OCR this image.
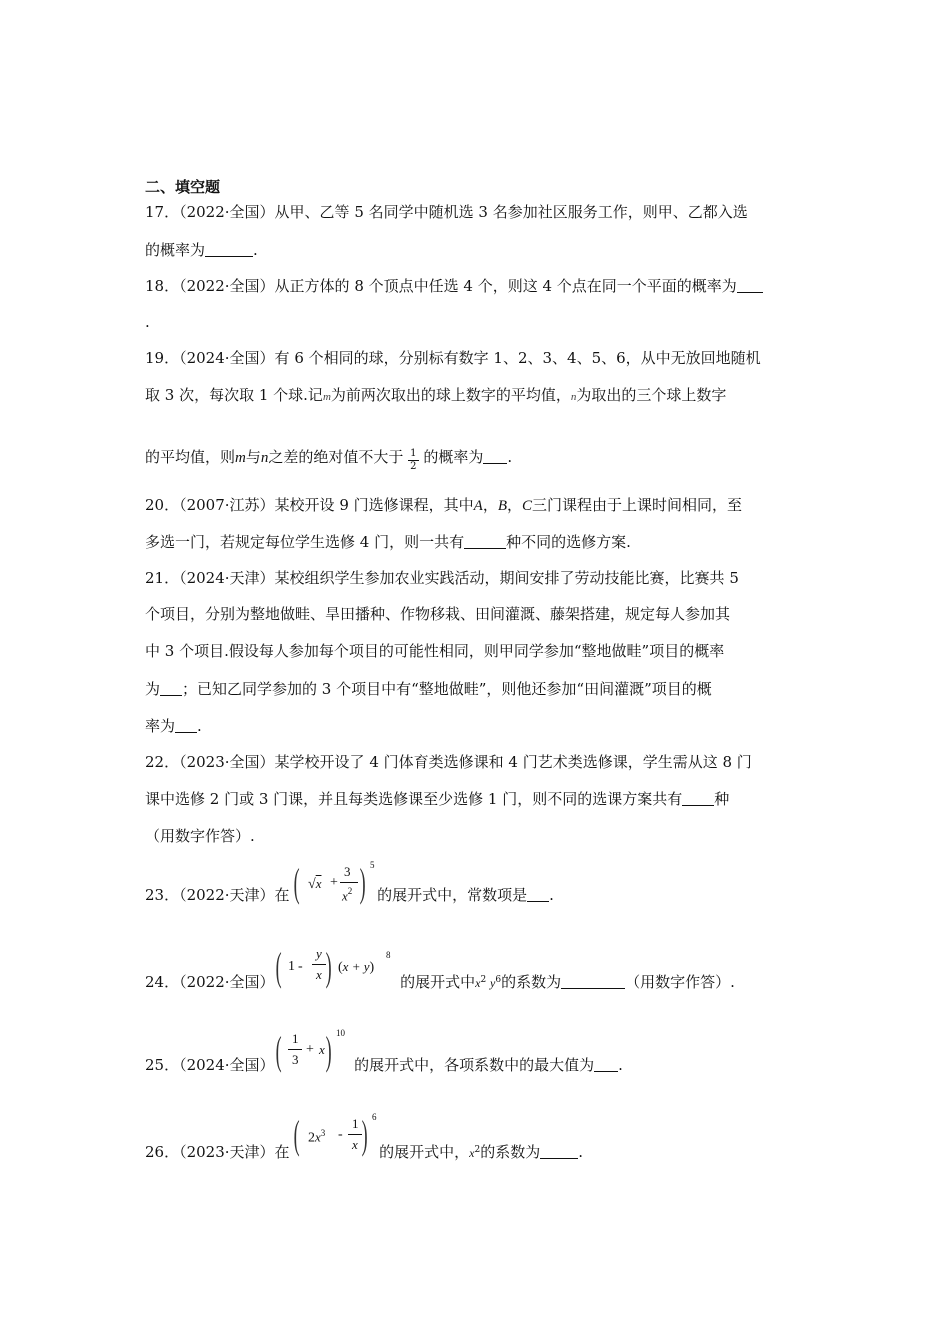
二、填空题
17．（2022·全国）从甲、乙等 5 名同学中随机选 3 名参加社区服务工作，则甲、乙都入选
的概率为	.
18．（2022·全国）从正方体的 8 个顶点中任选 4 个，则这 4 个点在同一个平面的概率为
.
19．（2024·全国）有 6 个相同的球，分别标有数字 1、2、3、4、5、6，从中无放回地随机
取 3 次，每次取 1 个球.记m为前两次取出的球上数字的平均值，n为取出的三个球上数字
的平均值，则m与n之差的绝对值不大于 $\frac{1}{2}$ 的概率为 .
20．（2007·江苏）某校开设 9 门选修课程，其中A，B，C三门课程由于上课时间相同，至
多选一门，若规定每位学生选修 4 门，则一共有	种不同的选修方案.
21．（2024·天津）某校组织学生参加农业实践活动，期间安排了劳动技能比赛，比赛共 5
个项目，分别为整地做畦、旱田播种、作物移栽、田间灌溉、藤架搭建，规定每人参加其
中 3 个项目.假设每人参加每个项目的可能性相同，则甲同学参加“整地做畦”项目的概率
为 ；已知乙同学参加的 3 个项目中有“整地做畦”，则他还参加“田间灌溉”项目的概
率为 .
22．（2023·全国）某学校开设了 4 门体育类选修课和 4 门艺术类选修课，学生需从这 8 门
课中选修 2 门或 3 门课，并且每类选修课至少选修 1 门，则不同的选课方案共有 种
（用数字作答）.
23．（2022·天津）在	的展开式中，常数项是 .
( √x +
3
$x^2$ ) 5
24．（2022·全国）	的展开式中$x^2$ $y^6$的系数为	（用数字作答）.
( 1 -
y
x ) (x + y)
8
25．（2024·全国）	的展开式中，各项系数中的最大值为 .
( 1
3
+ x ) 10
26．（2023·天津）在	的展开式中，$x^2$的系数为	.
( $2x^3$ -
1
x ) 6
